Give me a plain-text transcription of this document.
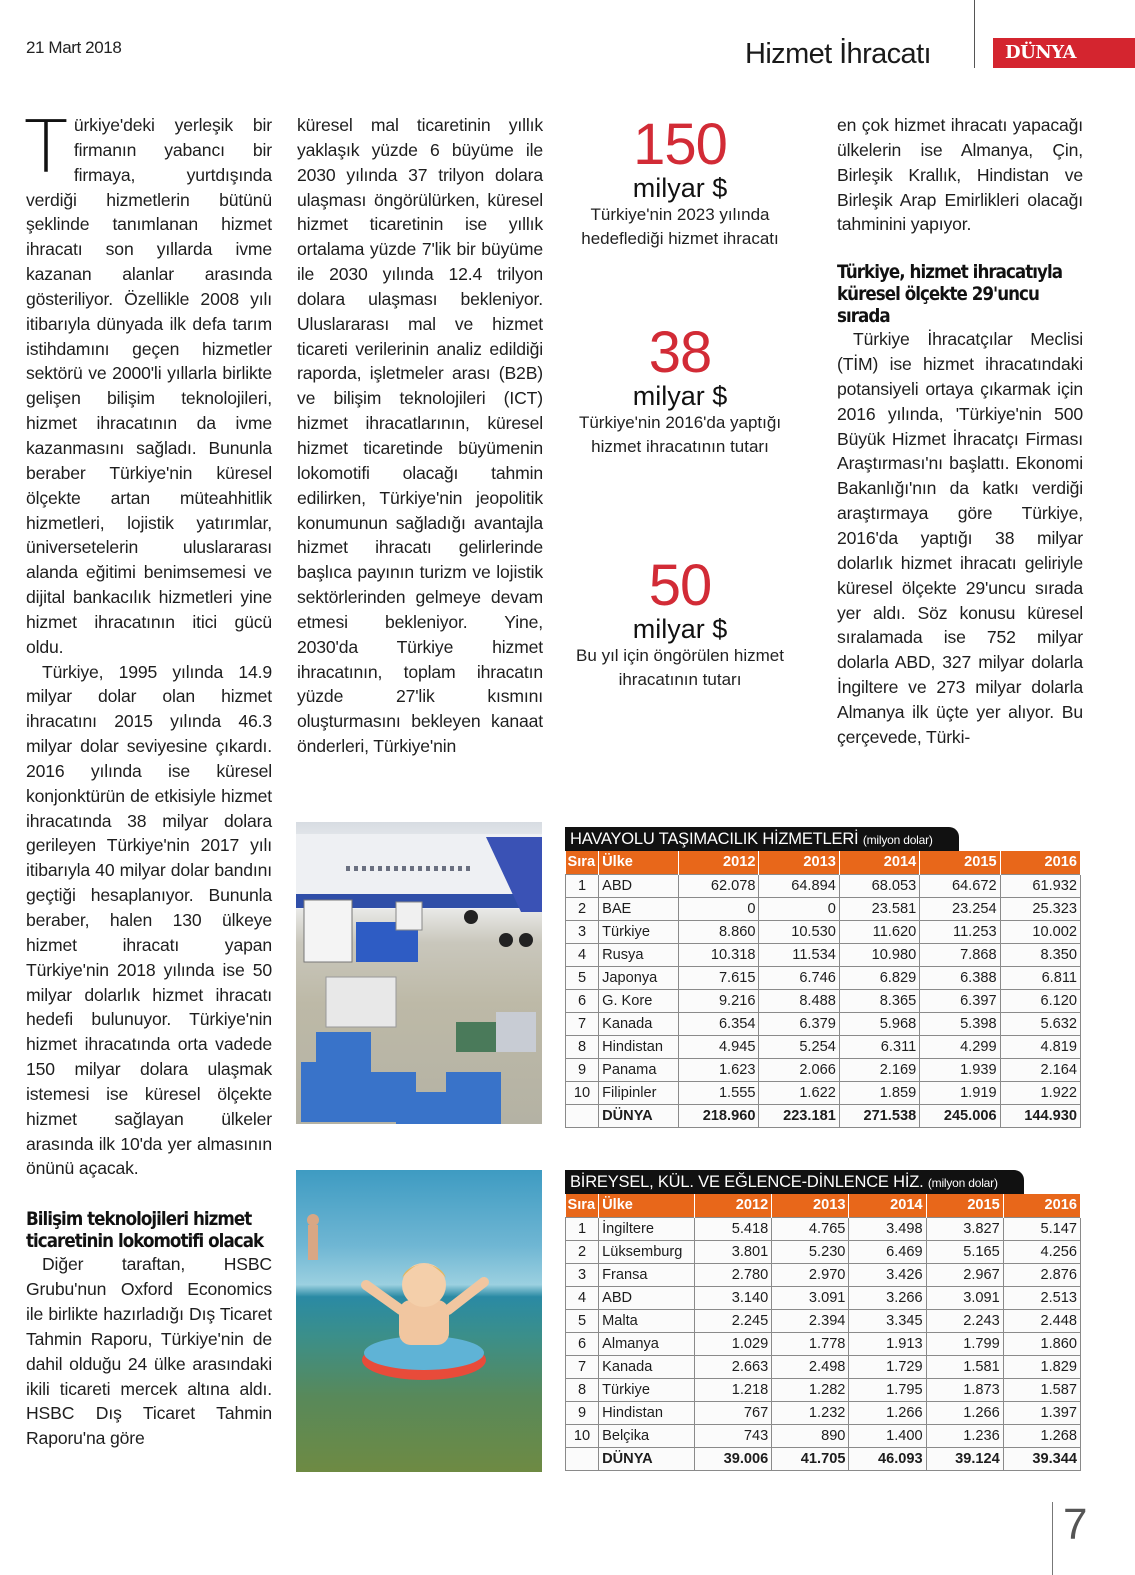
21 Mart 2018	Hizmet İhracatı	DÜNYA
T ürkiye'deki yerleşik bir firmanın yabancı bir firmaya, yurtdışında verdiği hizmetlerin bütünü şeklinde tanımlanan hizmet ihracatı son yıllarda ivme kazanan alanlar arasında gösteriliyor. Özellikle 2008 yılı itibarıyla dünyada ilk defa tarım istihdamını geçen hizmetler sektörü ve 2000'li yıllarla birlikte gelişen bilişim teknolojileri, hizmet ihracatının da ivme kazanmasını sağladı. Bununla beraber Türkiye'nin küresel ölçekte artan müteahhitlik hizmetleri, lojistik yatırımlar, üniversetelerin uluslararası alanda eğitimi benimsemesi ve dijital bankacılık hizmetleri yine hizmet ihracatının itici gücü oldu.

Türkiye, 1995 yılında 14.9 milyar dolar olan hizmet ihracatını 2015 yılında 46.3 milyar dolar seviyesine çıkardı. 2016 yılında ise küresel konjonktürün de etkisiyle hizmet ihracatında 38 milyar dolara gerileyen Türkiye'nin 2017 yılı itibarıyla 40 milyar dolar bandını geçtiği hesaplanıyor. Bununla beraber, halen 130 ülkeye hizmet ihracatı yapan Türkiye'nin 2018 yılında ise 50 milyar dolarlık hizmet ihracatı hedefi bulunuyor. Türkiye'nin hizmet ihracatında orta vadede 150 milyar dolara ulaşmak istemesi ise küresel ölçekte hizmet sağlayan ülkeler arasında ilk 10'da yer almasının önünü açacak.

Bilişim teknolojileri hizmet ticaretinin lokomotifi olacak

Diğer taraftan, HSBC Grubu'nun Oxford Economics ile birlikte hazırladığı Dış Ticaret Tahmin Raporu, Türkiye'nin de dahil olduğu 24 ülke arasındaki ikili ticareti mercek altına aldı. HSBC Dış Ticaret Tahmin Raporu'na göre

küresel mal ticaretinin yıllık yaklaşık yüzde 6 büyüme ile 2030 yılında 37 trilyon dolara ulaşması öngörülürken, küresel hizmet ticaretinin ise yıllık ortalama yüzde 7'lik bir büyüme ile 2030 yılında 12.4 trilyon dolara ulaşması bekleniyor. Uluslararası mal ve hizmet ticareti verilerinin analiz edildiği raporda, işletmeler arası (B2B) ve bilişim teknolojileri (ICT) hizmet ihracatlarının, küresel hizmet ticaretinde büyümenin lokomotifi olacağı tahmin edilirken, Türkiye'nin jeopolitik konumunun sağladığı avantajla hizmet ihracatı gelirlerinde başlıca payının turizm ve lojistik sektörlerinden gelmeye devam etmesi bekleniyor. Yine, 2030'da Türkiye hizmet ihracatının, toplam ihracatın yüzde 27'lik kısmını oluşturmasını bekleyen kanaat önderleri, Türkiye'nin

150
milyar $
Türkiye'nin 2023 yılında hedeflediği hizmet ihracatı
38
milyar $
Türkiye'nin 2016'da yaptığı hizmet ihracatının tutarı
50
milyar $
Bu yıl için öngörülen hizmet ihracatının tutarı

en çok hizmet ihracatı yapacağı ülkelerin ise Almanya, Çin, Birleşik Krallık, Hindistan ve Birleşik Arap Emirlikleri olacağı tahminini yapıyor.

Türkiye, hizmet ihracatıyla küresel ölçekte 29'uncu sırada

Türkiye İhracatçılar Meclisi (TİM) ise hizmet ihracatındaki potansiyeli ortaya çıkarmak için 2016 yılında, 'Türkiye'nin 500 Büyük Hizmet İhracatçı Firması Araştırması'nı başlattı. Ekonomi Bakanlığı'nın da katkı verdiği araştırmaya göre Türkiye, 2016'da yaptığı 38 milyar dolarlık hizmet ihracatı geliriyle küresel ölçekte 29'uncu sırada yer aldı. Söz konusu küresel sıralamada ise 752 milyar dolarla ABD, 327 milyar dolarla İngiltere ve 273 milyar dolarla Almanya ilk üçte yer alıyor. Bu çerçevede, Türki-

HAVAYOLU TAŞIMACILIK HİZMETLERİ (milyon dolar)
Sıra	Ülke	2012	2013	2014	2015	2016
1	ABD	62.078	64.894	68.053	64.672	61.932
2	BAE	0	0	23.581	23.254	25.323
3	Türkiye	8.860	10.530	11.620	11.253	10.002
4	Rusya	10.318	11.534	10.980	7.868	8.350
5	Japonya	7.615	6.746	6.829	6.388	6.811
6	G. Kore	9.216	8.488	8.365	6.397	6.120
7	Kanada	6.354	6.379	5.968	5.398	5.632
8	Hindistan	4.945	5.254	6.311	4.299	4.819
9	Panama	1.623	2.066	2.169	1.939	2.164
10	Filipinler	1.555	1.622	1.859	1.919	1.922
	DÜNYA	218.960	223.181	271.538	245.006	144.930
BİREYSEL, KÜL. VE EĞLENCE-DİNLENCE HİZ. (milyon dolar)
Sıra	Ülke	2012	2013	2014	2015	2016
1	İngiltere	5.418	4.765	3.498	3.827	5.147
2	Lüksemburg	3.801	5.230	6.469	5.165	4.256
3	Fransa	2.780	2.970	3.426	2.967	2.876
4	ABD	3.140	3.091	3.266	3.091	2.513
5	Malta	2.245	2.394	3.345	2.243	2.448
6	Almanya	1.029	1.778	1.913	1.799	1.860
7	Kanada	2.663	2.498	1.729	1.581	1.829
8	Türkiye	1.218	1.282	1.795	1.873	1.587
9	Hindistan	767	1.232	1.266	1.266	1.397
10	Belçika	743	890	1.400	1.236	1.268
	DÜNYA	39.006	41.705	46.093	39.124	39.344
7
